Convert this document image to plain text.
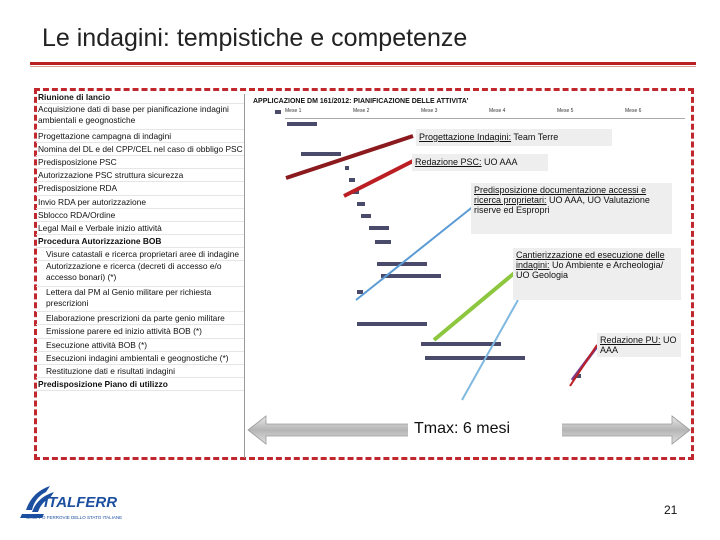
Le indagini: tempistiche e competenze
Riunione di lancio
Acquisizione dati di base per pianificazione indagini ambientali e geognostiche
Progettazione campagna di indagini
Nomina del DL e del CPP/CEL nel caso di obbligo PSC
Predisposizione PSC
Autorizzazione PSC struttura sicurezza
Predisposizione RDA
Invio RDA per autorizzazione
Sblocco RDA/Ordine
Legal Mail e Verbale inizio attività
Procedura Autorizzazione BOB
Visure catastali e ricerca proprietari aree di indagine
Autorizzazione e ricerca (decreti di accesso e/o accesso bonari) (*)
Lettera dal PM al Genio militare per richiesta prescrizioni
Elaborazione prescrizioni da parte genio militare
Emissione parere ed inizio attività BOB (*)
Esecuzione attività BOB (*)
Esecuzioni indagini ambientali e geognostiche (*)
Restituzione dati e risultati indagini
Predisposizione Piano di utilizzo
APPLICAZIONE DM 161/2012: PIANIFICAZIONE DELLE ATTIVITA'
Mese 1	Mese 2	Mese 3	Mese 4	Mese 5	Mese 6
Tmax: 6 mesi
Progettazione Indagini: Team Terre
Redazione PSC: UO AAA
Predisposizione documentazione accessi e ricerca proprietari: UO AAA, UO Valutazione riserve ed Espropri
Cantierizzazione ed esecuzione delle indagini: Uo Ambiente e Archeologia/ UO Geologia
Redazione PU: UO AAA
ITALFERR
GRUPPO FERROVIE DELLO STATO ITALIANE
21
